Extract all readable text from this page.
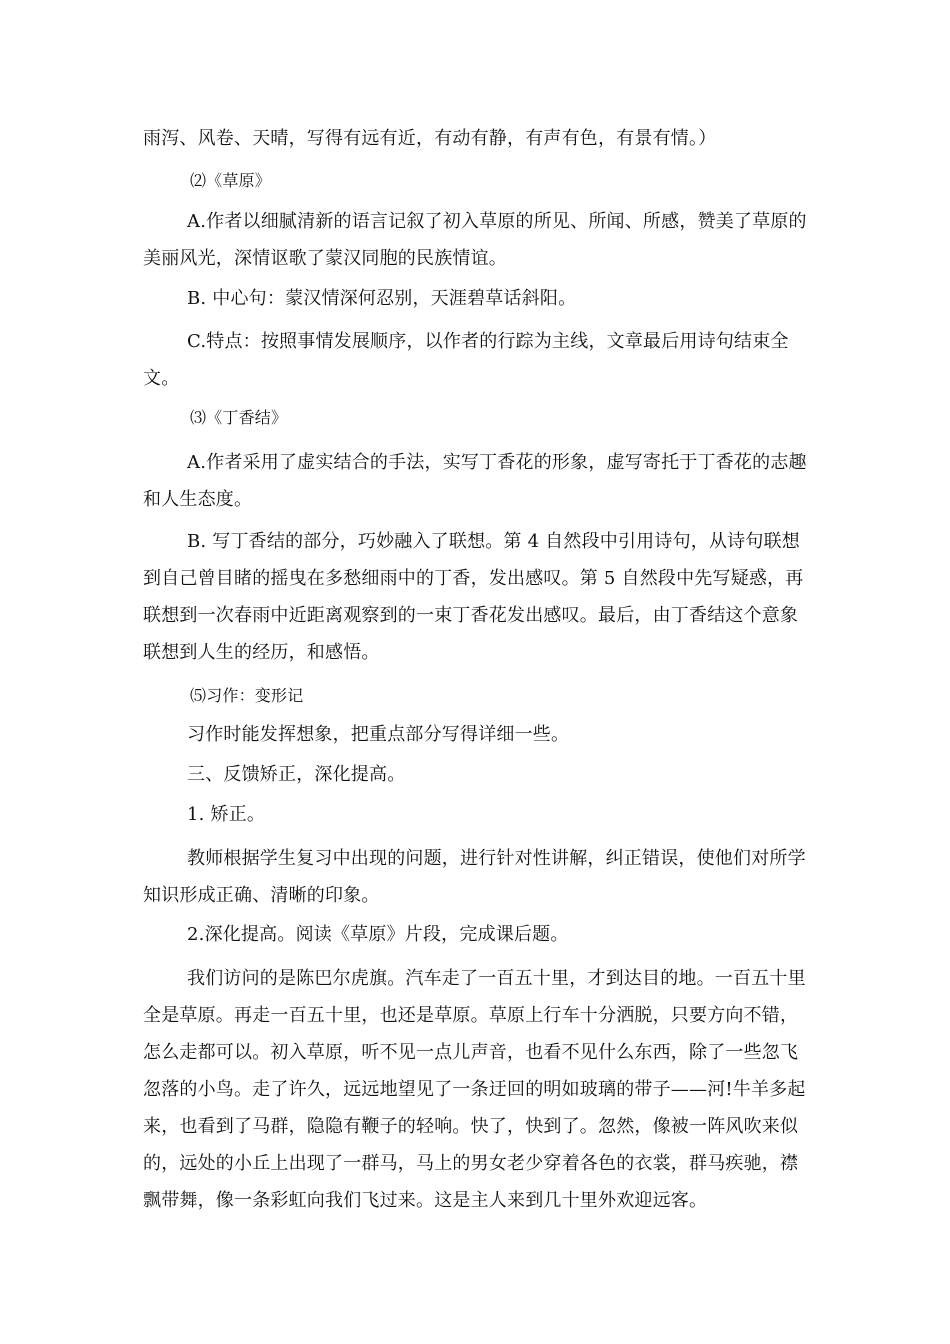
雨泻、风卷、天晴，写得有远有近，有动有静，有声有色，有景有情。）

⑵《草原》

A.作者以细腻清新的语言记叙了初入草原的所见、所闻、所感，赞美了草原的美丽风光，深情讴歌了蒙汉同胞的民族情谊。

B. 中心句：蒙汉情深何忍别，天涯碧草话斜阳。

C.特点：按照事情发展顺序，以作者的行踪为主线，文章最后用诗句结束全文。

⑶《丁香结》

A.作者采用了虚实结合的手法，实写丁香花的形象，虚写寄托于丁香花的志趣和人生态度。

B. 写丁香结的部分，巧妙融入了联想。第 4 自然段中引用诗句，从诗句联想到自己曾目睹的摇曳在多愁细雨中的丁香，发出感叹。第 5 自然段中先写疑惑，再联想到一次春雨中近距离观察到的一束丁香花发出感叹。最后，由丁香结这个意象联想到人生的经历，和感悟。

⑸习作：变形记

习作时能发挥想象，把重点部分写得详细一些。

三、反馈矫正，深化提高。

1. 矫正。

教师根据学生复习中出现的问题，进行针对性讲解，纠正错误，使他们对所学知识形成正确、清晰的印象。

2.深化提高。阅读《草原》片段，完成课后题。

我们访问的是陈巴尔虎旗。汽车走了一百五十里，才到达目的地。一百五十里全是草原。再走一百五十里，也还是草原。草原上行车十分洒脱，只要方向不错，怎么走都可以。初入草原，听不见一点儿声音，也看不见什么东西，除了一些忽飞忽落的小鸟。走了许久，远远地望见了一条迂回的明如玻璃的带子——河!牛羊多起来，也看到了马群，隐隐有鞭子的轻响。快了，快到了。忽然，像被一阵风吹来似的，远处的小丘上出现了一群马，马上的男女老少穿着各色的衣裳，群马疾驰，襟飘带舞，像一条彩虹向我们飞过来。这是主人来到几十里外欢迎远客。
